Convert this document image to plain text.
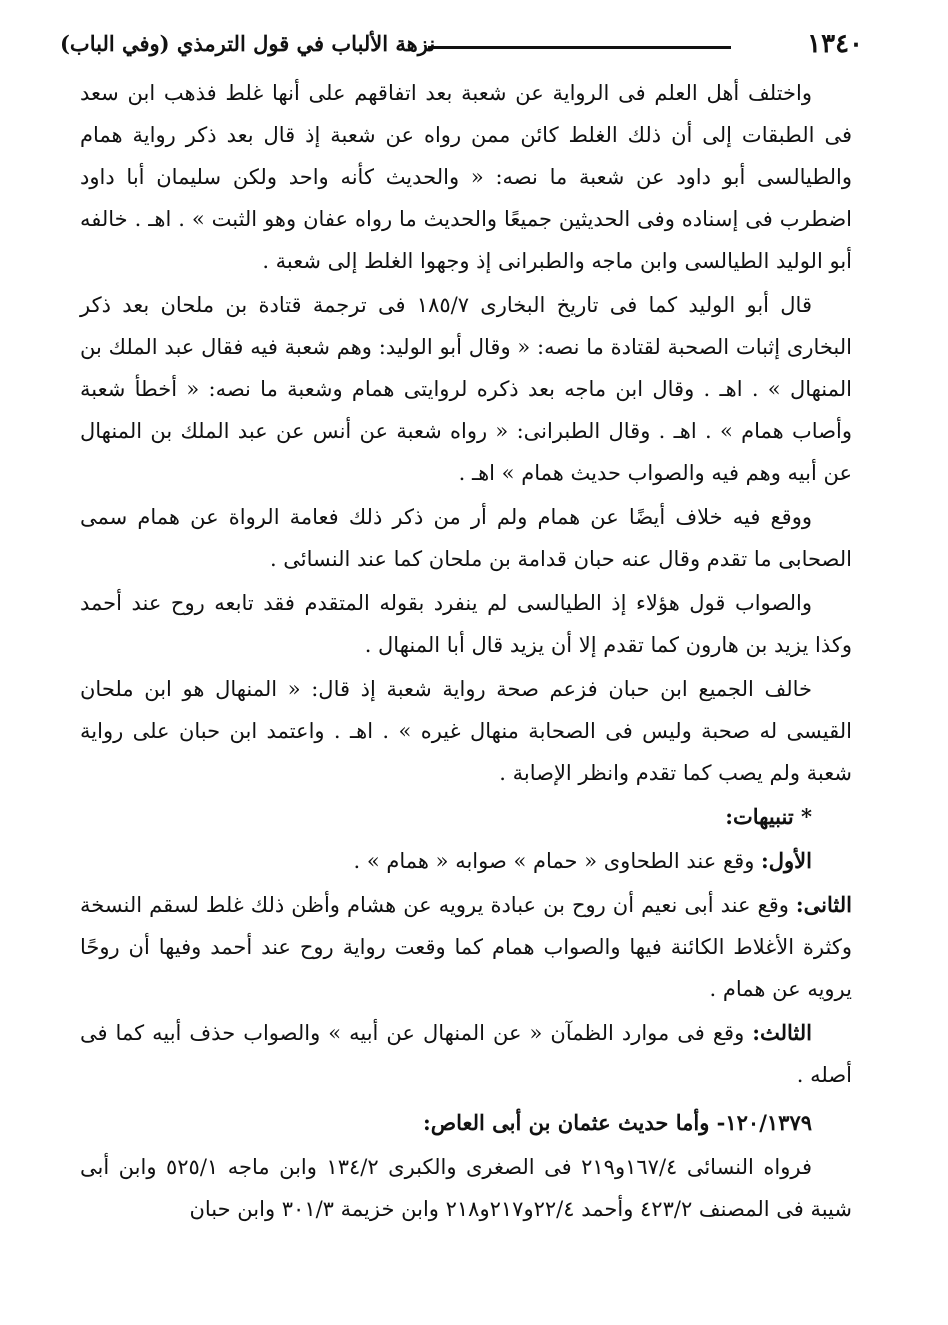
١٣٤٠
نزهة الألباب في قول الترمذي (وفي الباب)

واختلف أهل العلم فى الرواية عن شعبة بعد اتفاقهم على أنها غلط فذهب ابن سعد فى الطبقات إلى أن ذلك الغلط كائن ممن رواه عن شعبة إذ قال بعد ذكر رواية همام والطيالسى أبو داود عن شعبة ما نصه: « والحديث كأنه واحد ولكن سليمان أبا داود اضطرب فى إسناده وفى الحديثين جميعًا والحديث ما رواه عفان وهو الثبت » . اهـ . خالفه أبو الوليد الطيالسى وابن ماجه والطبرانى إذ وجهوا الغلط إلى شعبة .

قال أبو الوليد كما فى تاريخ البخارى ١٨٥/٧ فى ترجمة قتادة بن ملحان بعد ذكر البخارى إثبات الصحبة لقتادة ما نصه: « وقال أبو الوليد: وهم شعبة فيه فقال عبد الملك بن المنهال » . اهـ . وقال ابن ماجه بعد ذكره لروايتى همام وشعبة ما نصه: « أخطأ شعبة وأصاب همام » . اهـ . وقال الطبرانى: « رواه شعبة عن أنس عن عبد الملك بن المنهال عن أبيه وهم فيه والصواب حديث همام » اهـ .

ووقع فيه خلاف أيضًا عن همام ولم أر من ذكر ذلك فعامة الرواة عن همام سمى الصحابى ما تقدم وقال عنه حبان قدامة بن ملحان كما عند النسائى .

والصواب قول هؤلاء إذ الطيالسى لم ينفرد بقوله المتقدم فقد تابعه روح عند أحمد وكذا يزيد بن هارون كما تقدم إلا أن يزيد قال أبا المنهال .

خالف الجميع ابن حبان فزعم صحة رواية شعبة إذ قال: « المنهال هو ابن ملحان القيسى له صحبة وليس فى الصحابة منهال غيره » . اهـ . واعتمد ابن حبان على رواية شعبة ولم يصب كما تقدم وانظر الإصابة .

* تنبيهات:

الأول: وقع عند الطحاوى « حمام » صوابه « همام » .

الثانى: وقع عند أبى نعيم أن روح بن عبادة يرويه عن هشام وأظن ذلك غلط لسقم النسخة وكثرة الأغلاط الكائنة فيها والصواب همام كما وقعت رواية روح عند أحمد وفيها أن روحًا يرويه عن همام .

الثالث: وقع فى موارد الظمآن « عن المنهال عن أبيه » والصواب حذف أبيه كما فى أصله .

١٢٠/١٣٧٩- وأما حديث عثمان بن أبى العاص:

فرواه النسائى ١٦٧/٤و٢١٩ فى الصغرى والكبرى ١٣٤/٢ وابن ماجه ٥٢٥/١ وابن أبى شيبة فى المصنف ٤٢٣/٢ وأحمد ٢٢/٤و٢١٧و٢١٨ وابن خزيمة ٣٠١/٣ وابن حبان
